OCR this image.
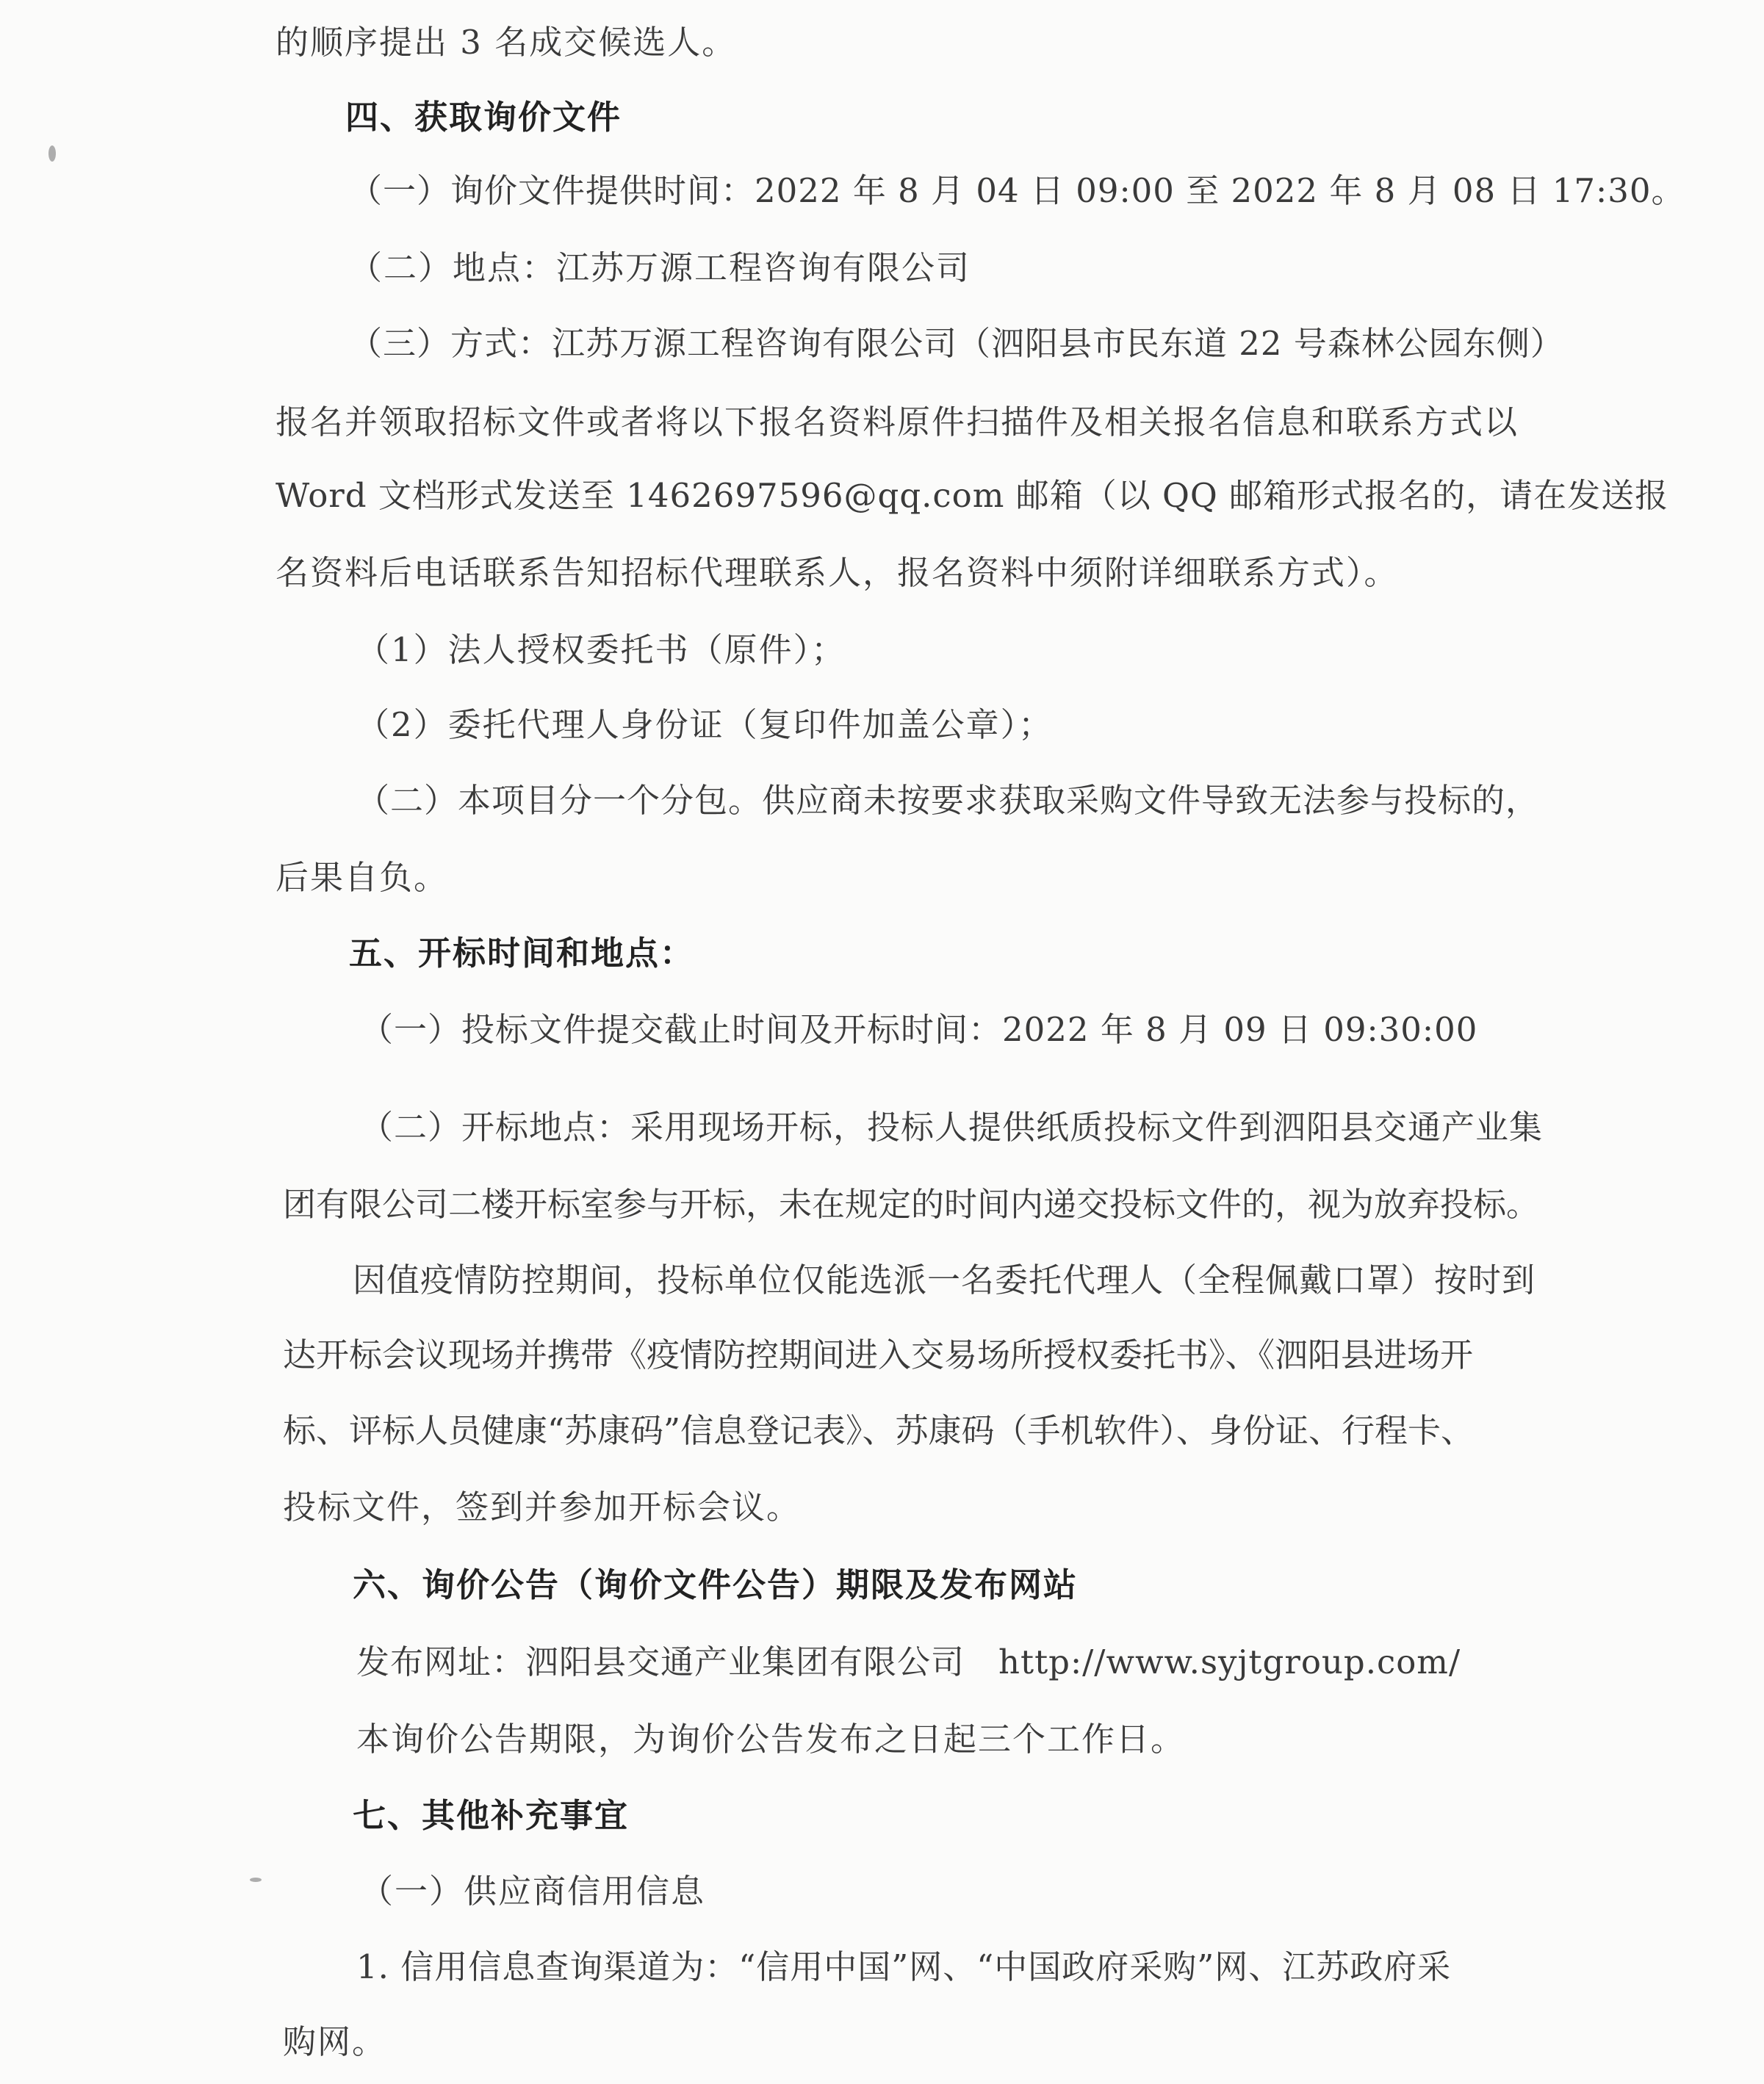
的顺序提出 3 名成交候选人。
四、获取询价文件
（一）询价文件提供时间：2022 年 8 月 04 日 09:00 至 2022 年 8 月 08 日 17:30。
（二）地点：江苏万源工程咨询有限公司
（三）方式：江苏万源工程咨询有限公司（泗阳县市民东道 22 号森林公园东侧）
报名并领取招标文件或者将以下报名资料原件扫描件及相关报名信息和联系方式以
Word 文档形式发送至 1462697596@qq.com 邮箱（以 QQ 邮箱形式报名的，请在发送报
名资料后电话联系告知招标代理联系人，报名资料中须附详细联系方式）。
（1）法人授权委托书（原件）；
（2）委托代理人身份证（复印件加盖公章）；
（二）本项目分一个分包。供应商未按要求获取采购文件导致无法参与投标的，
后果自负。
五、开标时间和地点：
（一）投标文件提交截止时间及开标时间：2022 年 8 月 09 日 09:30:00
（二）开标地点：采用现场开标，投标人提供纸质投标文件到泗阳县交通产业集
团有限公司二楼开标室参与开标，未在规定的时间内递交投标文件的，视为放弃投标。
因值疫情防控期间，投标单位仅能选派一名委托代理人（全程佩戴口罩）按时到
达开标会议现场并携带《疫情防控期间进入交易场所授权委托书》、《泗阳县进场开
标、评标人员健康“苏康码”信息登记表》、苏康码（手机软件）、身份证、行程卡、
投标文件，签到并参加开标会议。
六、询价公告（询价文件公告）期限及发布网站
发布网址：泗阳县交通产业集团有限公司　http://www.syjtgroup.com/
本询价公告期限，为询价公告发布之日起三个工作日。
七、其他补充事宜
（一）供应商信用信息
1. 信用信息查询渠道为：“信用中国”网、“中国政府采购”网、江苏政府采
购网。
